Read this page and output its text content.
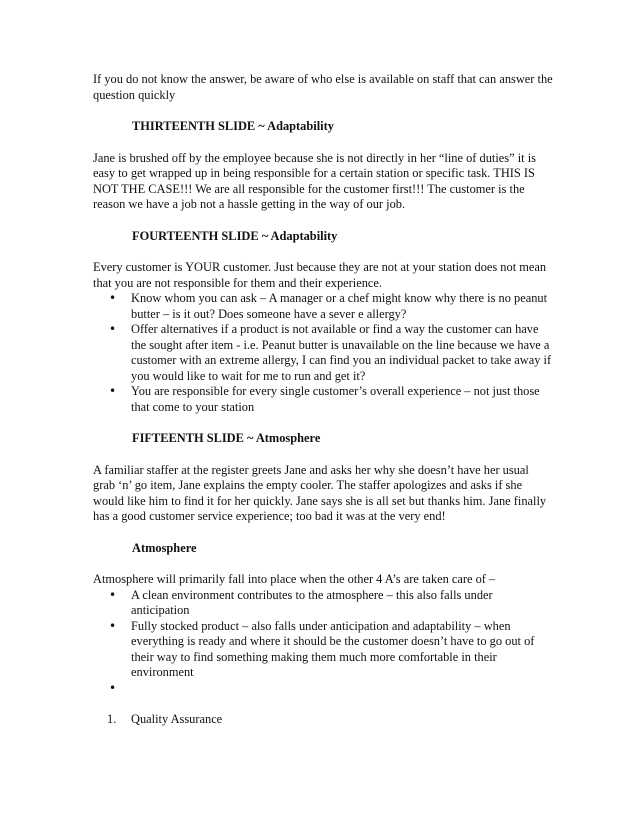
If you do not know the answer, be aware of who else is available on staff that can answer the question quickly

THIRTEENTH SLIDE ~ Adaptability

Jane is brushed off by the employee because she is not directly in her “line of duties” it is easy to get wrapped up in being responsible for a certain station or specific task. THIS IS NOT THE CASE!!! We are all responsible for the customer first!!! The customer is the reason we have a job not a hassle getting in the way of our job.

FOURTEENTH SLIDE ~ Adaptability

Every customer is YOUR customer. Just because they are not at your station does not mean that you are not responsible for them and their experience.

• Know whom you can ask – A manager or a chef might know why there is no peanut butter – is it out? Does someone have a sever e allergy?
• Offer alternatives if a product is not available or find a way the customer can have the sought after item - i.e. Peanut butter is unavailable on the line because we have a customer with an extreme allergy, I can find you an individual packet to take away if you would like to wait for me to run and get it?
• You are responsible for every single customer’s overall experience – not just those that come to your station

FIFTEENTH SLIDE ~ Atmosphere

A familiar staffer at the register greets Jane and asks her why she doesn’t have her usual grab ‘n’ go item, Jane explains the empty cooler. The staffer apologizes and asks if she would like him to find it for her quickly. Jane says she is all set but thanks him. Jane finally has a good customer service experience; too bad it was at the very end!

Atmosphere

Atmosphere will primarily fall into place when the other 4 A’s are taken care of –

• A clean environment contributes to the atmosphere – this also falls under anticipation
• Fully stocked product – also falls under anticipation and adaptability – when everything is ready and where it should be the customer doesn’t have to go out of their way to find something making them much more comfortable in their environment
•
1. Quality Assurance
